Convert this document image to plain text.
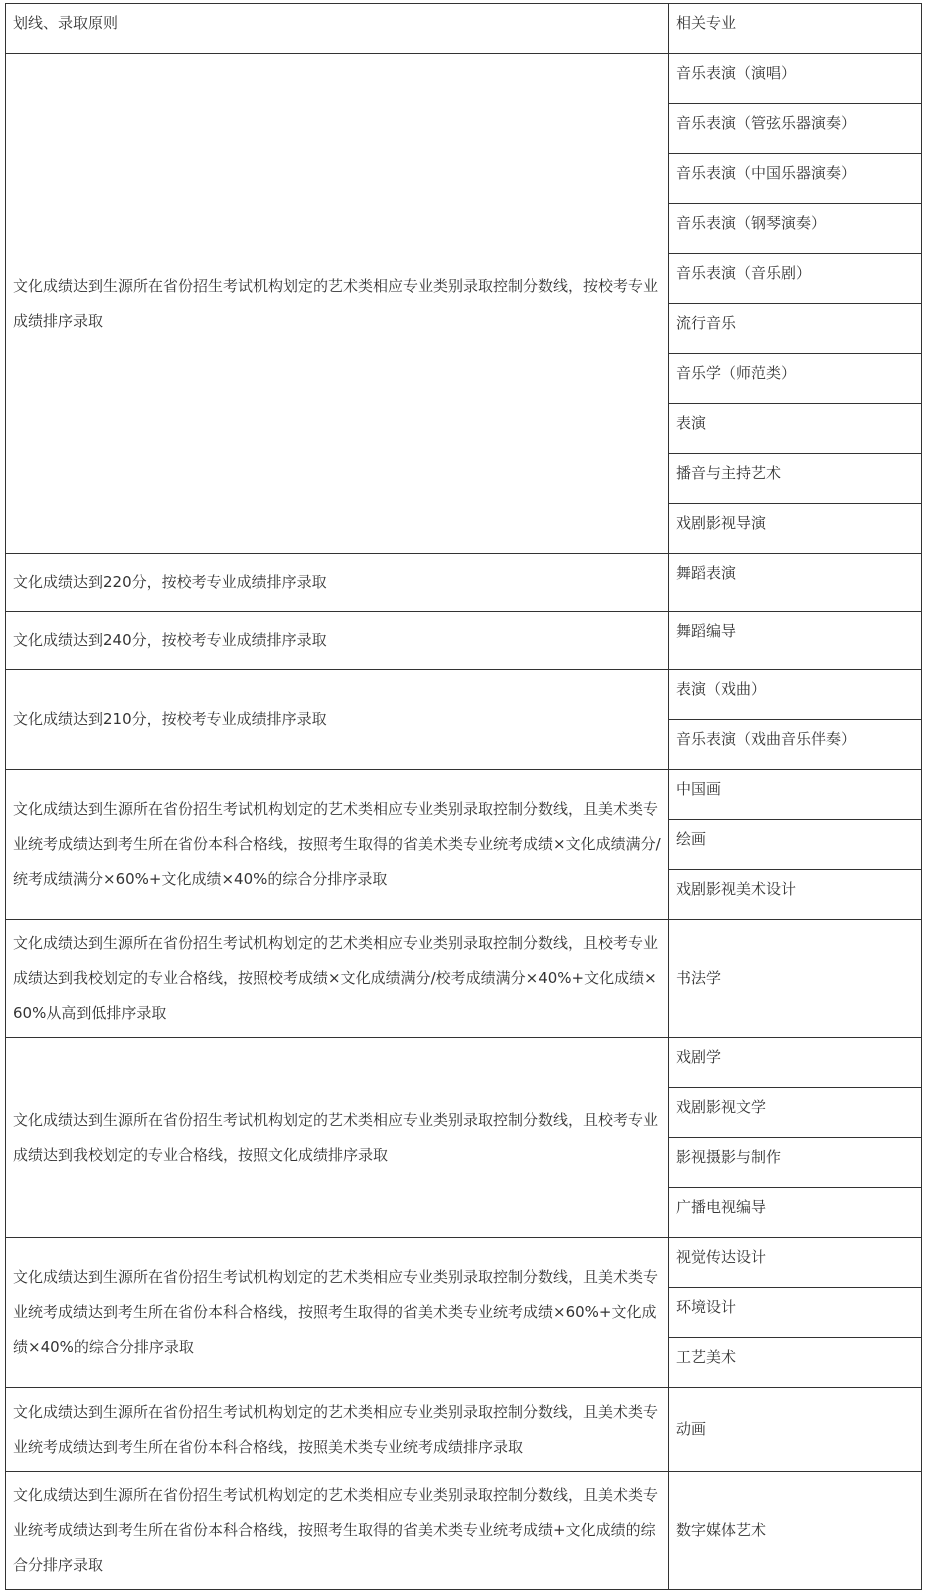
划线、录取原则	相关专业
文化成绩达到生源所在省份招生考试机构划定的艺术类相应专业类别录取控制分数线，按校考专业成绩排序录取	音乐表演（演唱）
	音乐表演（管弦乐器演奏）
	音乐表演（中国乐器演奏）
	音乐表演（钢琴演奏）
	音乐表演（音乐剧）
	流行音乐
	音乐学（师范类）
	表演
	播音与主持艺术
	戏剧影视导演
文化成绩达到220分，按校考专业成绩排序录取	舞蹈表演
文化成绩达到240分，按校考专业成绩排序录取	舞蹈编导
文化成绩达到210分，按校考专业成绩排序录取	表演（戏曲）
	音乐表演（戏曲音乐伴奏）
文化成绩达到生源所在省份招生考试机构划定的艺术类相应专业类别录取控制分数线，且美术类专业统考成绩达到考生所在省份本科合格线，按照考生取得的省美术类专业统考成绩×文化成绩满分/统考成绩满分×60%+文化成绩×40%的综合分排序录取	中国画
	绘画
	戏剧影视美术设计
文化成绩达到生源所在省份招生考试机构划定的艺术类相应专业类别录取控制分数线，且校考专业成绩达到我校划定的专业合格线，按照校考成绩×文化成绩满分/校考成绩满分×40%+文化成绩×60%从高到低排序录取	书法学
文化成绩达到生源所在省份招生考试机构划定的艺术类相应专业类别录取控制分数线，且校考专业成绩达到我校划定的专业合格线，按照文化成绩排序录取	戏剧学
	戏剧影视文学
	影视摄影与制作
	广播电视编导
文化成绩达到生源所在省份招生考试机构划定的艺术类相应专业类别录取控制分数线，且美术类专业统考成绩达到考生所在省份本科合格线，按照考生取得的省美术类专业统考成绩×60%+文化成绩×40%的综合分排序录取	视觉传达设计
	环境设计
	工艺美术
文化成绩达到生源所在省份招生考试机构划定的艺术类相应专业类别录取控制分数线，且美术类专业统考成绩达到考生所在省份本科合格线，按照美术类专业统考成绩排序录取	动画
文化成绩达到生源所在省份招生考试机构划定的艺术类相应专业类别录取控制分数线，且美术类专业统考成绩达到考生所在省份本科合格线，按照考生取得的省美术类专业统考成绩+文化成绩的综合分排序录取	数字媒体艺术
